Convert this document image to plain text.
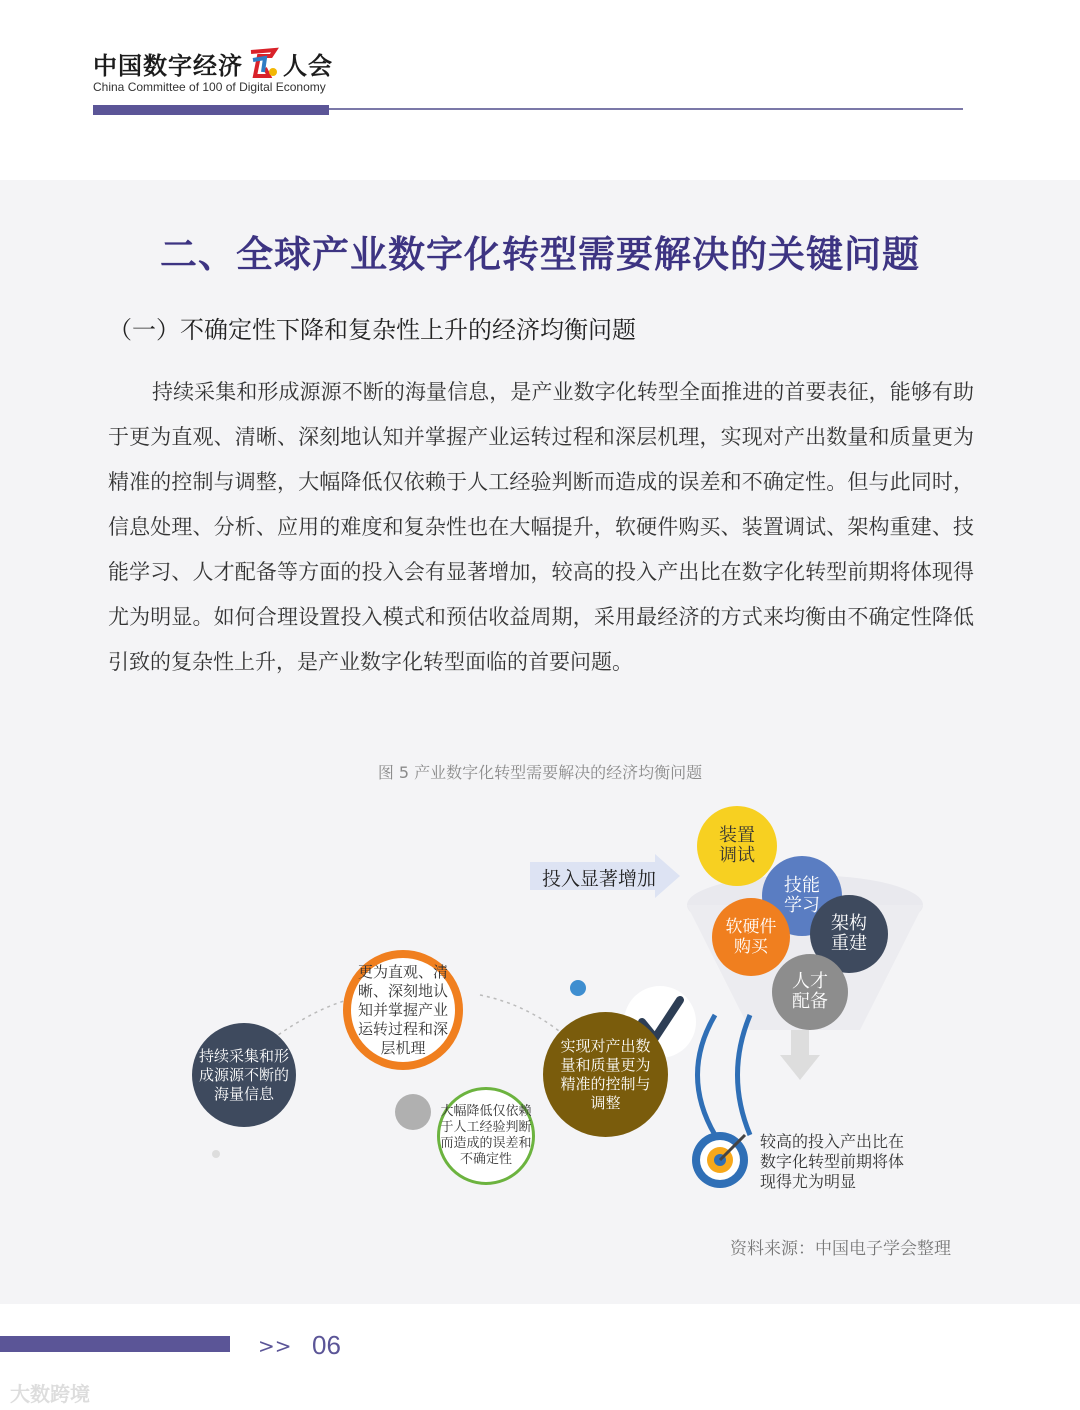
中国数字经济 人会
China Committee of 100 of Digital Economy
二、全球产业数字化转型需要解决的关键问题
（一）不确定性下降和复杂性上升的经济均衡问题

持续采集和形成源源不断的海量信息，是产业数字化转型全面推进的首要表征，能够有助于更为直观、清晰、深刻地认知并掌握产业运转过程和深层机理，实现对产出数量和质量更为精准的控制与调整，大幅降低仅依赖于人工经验判断而造成的误差和不确定性。但与此同时，信息处理、分析、应用的难度和复杂性也在大幅提升，软硬件购买、装置调试、架构重建、技能学习、人才配备等方面的投入会有显著增加，较高的投入产出比在数字化转型前期将体现得尤为明显。如何合理设置投入模式和预估收益周期，采用最经济的方式来均衡由不确定性降低引致的复杂性上升，是产业数字化转型面临的首要问题。

图 5 产业数字化转型需要解决的经济均衡问题
持续采集和形成源源不断的海量信息
更为直观、清晰、深刻地认知并掌握产业运转过程和深层机理
大幅降低仅依赖于人工经验判断而造成的误差和不确定性
实现对产出数量和质量更为精准的控制与调整
投入显著增加
装置调试
技能学习
软硬件购买
架构重建
人才配备
较高的投入产出比在数字化转型前期将体现得尤为明显
资料来源：中国电子学会整理
>> 06
大数跨境
